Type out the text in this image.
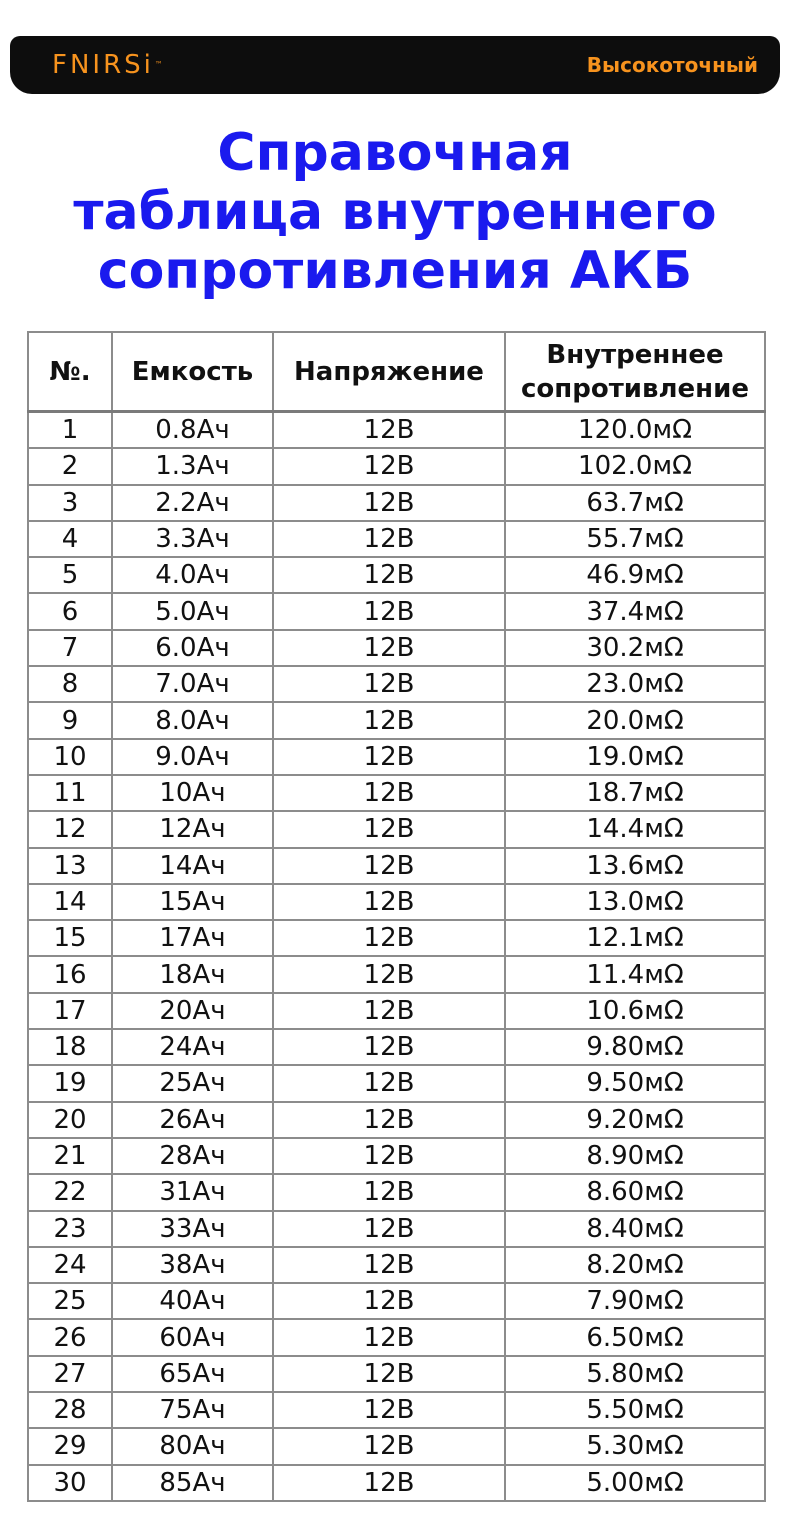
FNIRSi™	Высокоточный
Справочная
таблица внутреннего
сопротивления АКБ
№.	Емкость	Напряжение	Внутреннее сопротивление
1	0.8Ач	12В	120.0мΩ
2	1.3Ач	12В	102.0мΩ
3	2.2Ач	12В	63.7мΩ
4	3.3Ач	12В	55.7мΩ
5	4.0Ач	12В	46.9мΩ
6	5.0Ач	12В	37.4мΩ
7	6.0Ач	12В	30.2мΩ
8	7.0Ач	12В	23.0мΩ
9	8.0Ач	12В	20.0мΩ
10	9.0Ач	12В	19.0мΩ
11	10Ач	12В	18.7мΩ
12	12Ач	12В	14.4мΩ
13	14Ач	12В	13.6мΩ
14	15Ач	12В	13.0мΩ
15	17Ач	12В	12.1мΩ
16	18Ач	12В	11.4мΩ
17	20Ач	12В	10.6мΩ
18	24Ач	12В	9.80мΩ
19	25Ач	12В	9.50мΩ
20	26Ач	12В	9.20мΩ
21	28Ач	12В	8.90мΩ
22	31Ач	12В	8.60мΩ
23	33Ач	12В	8.40мΩ
24	38Ач	12В	8.20мΩ
25	40Ач	12В	7.90мΩ
26	60Ач	12В	6.50мΩ
27	65Ач	12В	5.80мΩ
28	75Ач	12В	5.50мΩ
29	80Ач	12В	5.30мΩ
30	85Ач	12В	5.00мΩ
